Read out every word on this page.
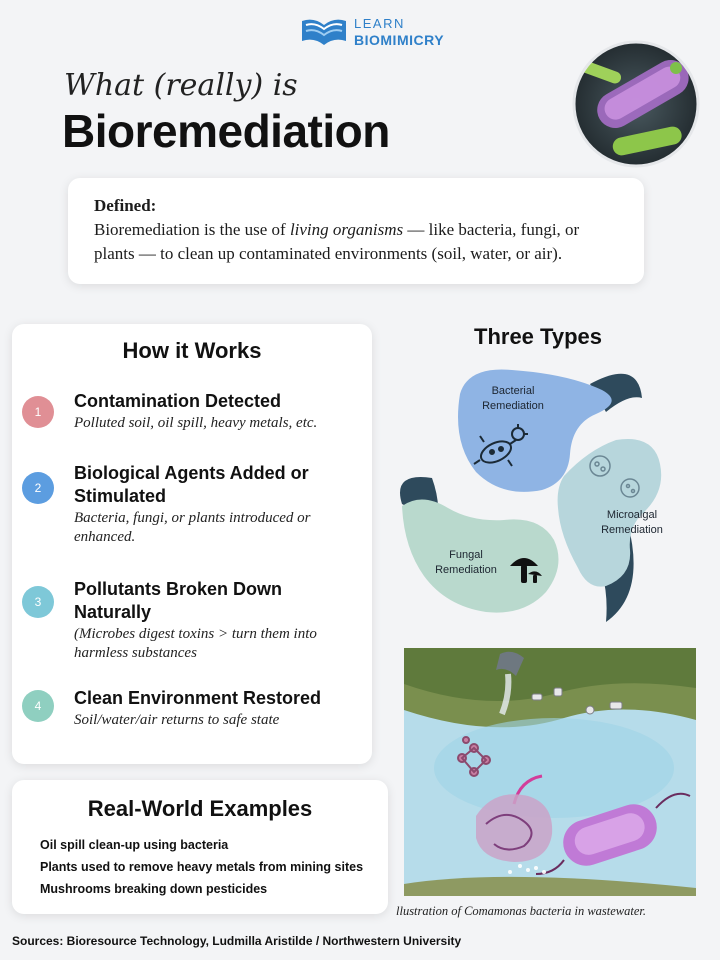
LEARN
BIOMIMICRY
What (really) is
Bioremediation
Defined:
Bioremediation is the use of living organisms — like bacteria, fungi, or plants — to clean up contaminated environments (soil, water, or air).
How it Works
1
Contamination Detected
Polluted soil, oil spill, heavy metals, etc.
2
Biological Agents Added or Stimulated
Bacteria, fungi, or plants introduced or enhanced.
3
Pollutants Broken Down Naturally
(Microbes digest toxins > turn them into harmless substances
4	Clean Environment Restored
Soil/water/air returns to safe state
Real-World Examples
Oil spill clean-up using bacteria
Plants used to remove heavy metals from mining sites
Mushrooms breaking down pesticides
Three Types
Bacterial Remediation
Microalgal Remediation
Fungal Remediation
llustration of Comamonas bacteria in wastewater.
Sources: Bioresource Technology, Ludmilla Aristilde / Northwestern University
